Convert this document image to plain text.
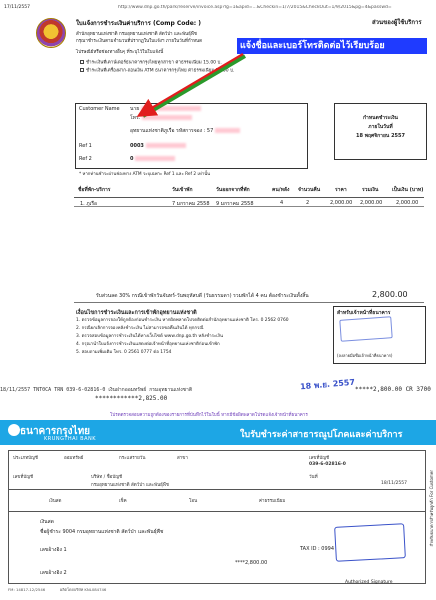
17/11/2557	http://www.dnp.go.th/park/reserve/invoice.asp?lg=1&apid=...&Checkin=1/7/2015&CheckOut=1/9/2015&pg=4&passwd=
ใบแจ้งการชำระเงินค่าบริการ (Comp Code: )	ส่วนของผู้ใช้บริการ
สำนักอุทยานแห่งชาติ กรมอุทยานแห่งชาติ สัตว์ป่า และพันธุ์พืช
กรุณาชำระเงินตามจำนวนที่ปรากฏในใบแจ้งฯ ภายในวันที่กำหนด
ไปรษณีย์หรือช่องทางอื่นๆ ที่ระบุไว้ในใบแจ้งนี้
แจ้งชื่อและเบอร์โทรติดต่อไว้เรียบร้อย
ชำระเงินที่เคาน์เตอร์ธนาคารกรุงไทยทุกสาขา ค่าธรรมเนียม 15.00 บ.
ชำระเงินที่เครื่องฝาก-ถอนเงิน ATM ธนาคารกรุงไทย ค่าธรรมเนียม 20.00 บ.
Customer Name นาย
โทร.
อุทยานแห่งชาติภูเรือ รหัสการจอง : 57
Ref 1	0003
Ref 2	0
* หากท่านชำระผ่านช่องทาง ATM ระบุเฉพาะ Ref 1 และ Ref 2 เท่านั้น
กำหนดชำระเงิน
ภายในวันที่
18 พฤศจิกายน 2557
ชื่อที่พัก-บริการ	วันเข้าพัก	วันออกจากที่พัก	คน/หลัง จำนวนคืน	ราคา	รวมเงิน	เป็นเงิน (บาท)
1. ภูเรือ	7 มกราคม 2558 9 มกราคม 2558	4	2	2,000.00 2,000.00	2,000.00
รับส่วนลด 30% กรณีเข้าพักวันจันทร์-วันพฤหัสบดี (วันธรรมดา) รวมพักได้ 4 คน ต้องชำระเงินทั้งสิ้น	2,800.00
เงื่อนไขการชำระเงินและการเข้าพักอุทยานแห่งชาติ
1. ตรวจข้อมูลการจองให้ถูกต้องก่อนชำระเงิน หากผิดพลาดโปรดติดต่อสำนักอุทยานแห่งชาติ โทร. 0 2562 0760
2. กรณียกเลิกการจองหลังชำระเงิน ไม่สามารถขอคืนเงินได้ ทุกกรณี
3. ตรวจสอบข้อมูลการชำระเงินได้ทางเว็บไซต์ www.dnp.go.th หลังชำระเงิน
4. กรุณานำใบแจ้งการชำระเงินแสดงต่อเจ้าหน้าที่อุทยานแห่งชาติก่อนเข้าพัก
5. สอบถามเพิ่มเติม โทร. 0 2561 0777 ต่อ 1754
สำหรับเจ้าหน้าที่ธนาคาร
(ลงลายมือชื่อเจ้าหน้าที่ธนาคาร)
18 พ.ย. 2557
18/11/2557 TNT0CA TRN 039-6-02816-0 เงินฝากออมทรัพย์ กรมอุทยานแห่งชาติ	*****2,800.00 CR 3700
************2,825.00
โปรดตรวจสอบความถูกต้องของรายการที่บันทึกไว้ในใบนี้ หากมีข้อผิดพลาดโปรดแจ้งเจ้าหน้าที่ธนาคาร
ธนาคารกรุงไทย
KRUNGTHAI BANK	ใบรับชำระค่าสาธารณูปโภคและค่าบริการ
ประเภทบัญชี	ออมทรัพย์	กระแสรายวัน	สาขา	เลขที่บัญชี
039-6-02816-0
เลขที่บัญชี	บริษัท / ชื่อบัญชี
กรมอุทยานแห่งชาติ สัตว์ป่า และพันธุ์พืช
วันที่
18/11/2557
เงินสด	เช็ค	โอน	ค่าธรรมเนียม
เงินสด
ชื่อผู้ชำระ 9004 กรมอุทยานแห่งชาติ สัตว์ป่า และพันธุ์พืช
เลขอ้างอิง 1	TAX ID : 0994
เลขอ้างอิง 2
****2,800.00
Authorized Signature
สำหรับลูกค้า For Customer
สำหรับธนาคาร
FM: 14817-12/2546	ผลิตโดยบริษัท KNL084746
